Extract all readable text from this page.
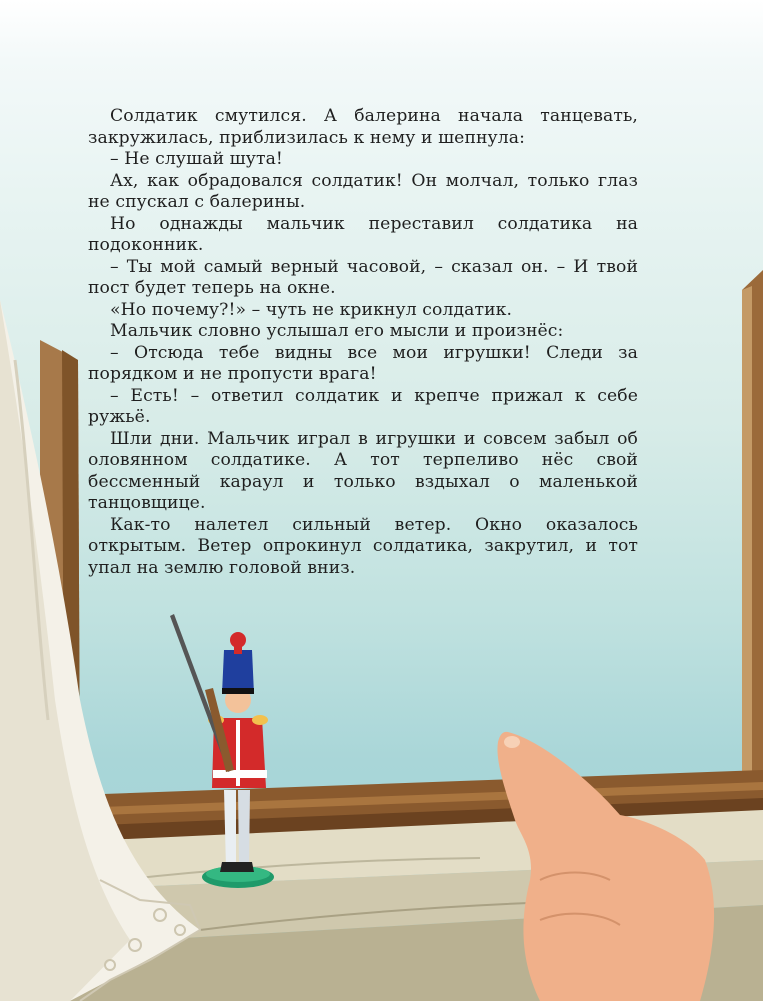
Солдатик смутился. А балерина начала танцевать, закружилась, приблизилась к нему и шепнула:

– Не слушай шута!

Ах, как обрадовался солдатик! Он молчал, только глаз не спускал с балерины.

Но однажды мальчик переставил солдатика на подоконник.

– Ты мой самый верный часовой, – сказал он. – И твой пост будет теперь на окне.

«Но почему?!» – чуть не крикнул солдатик.

Мальчик словно услышал его мысли и произнёс:

– Отсюда тебе видны все мои игрушки! Следи за порядком и не пропусти врага!

– Есть! – ответил солдатик и крепче прижал к себе ружьё.

Шли дни. Мальчик играл в игрушки и совсем забыл об оловянном солдатике. А тот терпеливо нёс свой бессменный караул и только вздыхал о маленькой танцовщице.

Как-то налетел сильный ветер. Окно оказалось открытым. Ветер опрокинул солдатика, закрутил, и тот упал на землю головой вниз.
